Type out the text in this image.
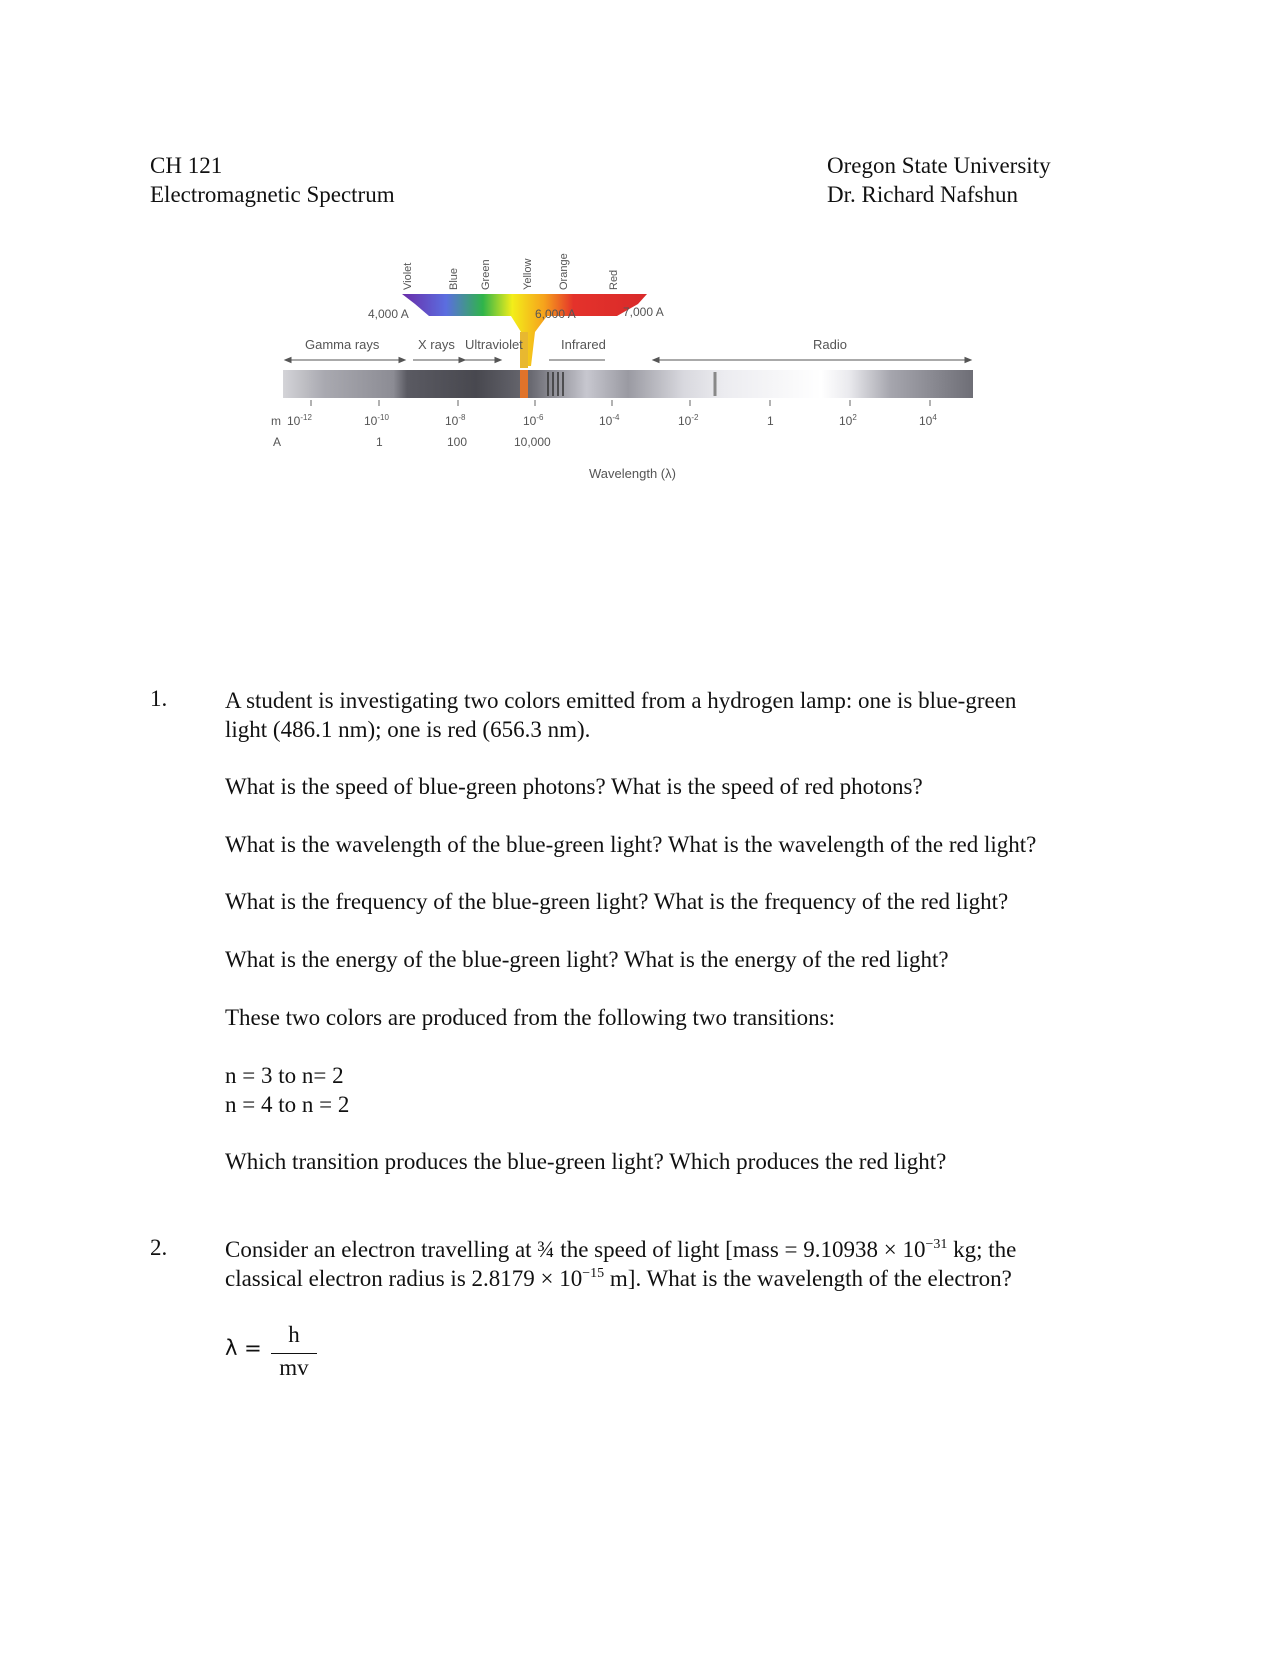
CH 121
Electromagnetic Spectrum
Oregon State University
Dr. Richard Nafshun
Violet	Blue Green	Yellow Orange	Red
4,000 A	6,000 A	7,000 A
Gamma rays	X rays Ultraviolet	Infrared	Radio
m $10^{-12}$	$10^{-10}$	$10^{-8}$	$10^{-6}$	$10^{-4}$	$10^{-2}$	1	$10^2$	$10^4$
A	1	100	10,000
Wavelength (λ)
1.	A student is investigating two colors emitted from a hydrogen lamp: one is blue-green
light (486.1 nm); one is red (656.3 nm).
What is the speed of blue-green photons? What is the speed of red photons?
What is the wavelength of the blue-green light? What is the wavelength of the red light?
What is the frequency of the blue-green light? What is the frequency of the red light?
What is the energy of the blue-green light? What is the energy of the red light?
These two colors are produced from the following two transitions:
n = 3 to n= 2
n = 4 to n = 2
Which transition produces the blue-green light? Which produces the red light?
2.	Consider an electron travelling at ¾ the speed of light [mass = $9.10938 \times 10^{-31}$ kg; the
classical electron radius is $2.8179 \times 10^{-15}$ m]. What is the wavelength of the electron?
λ =
h
mv
